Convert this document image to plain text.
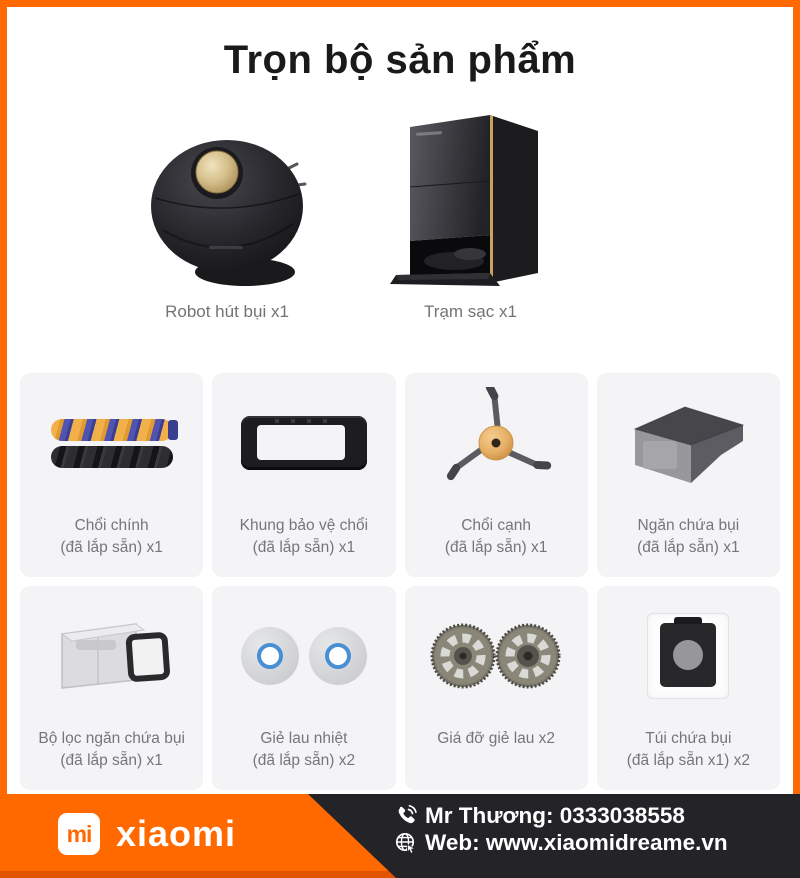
Trọn bộ sản phẩm
Robot hút bụi x1	Trạm sạc x1
Chổi chính
(đã lắp sẵn) x1
Khung bảo vệ chổi
(đã lắp sẵn) x1
Chổi cạnh
(đã lắp sẵn) x1
Ngăn chứa bụi
(đã lắp sẵn) x1
Bộ lọc ngăn chứa bụi
(đã lắp sẵn) x1
Giẻ lau nhiệt
(đã lắp sẵn) x2
Giá đỡ giẻ lau x2	Túi chứa bụi
(đã lắp sẵn x1) x2
mi xiaomi	Mr Thương: 0333038558
Web: www.xiaomidreame.vn
